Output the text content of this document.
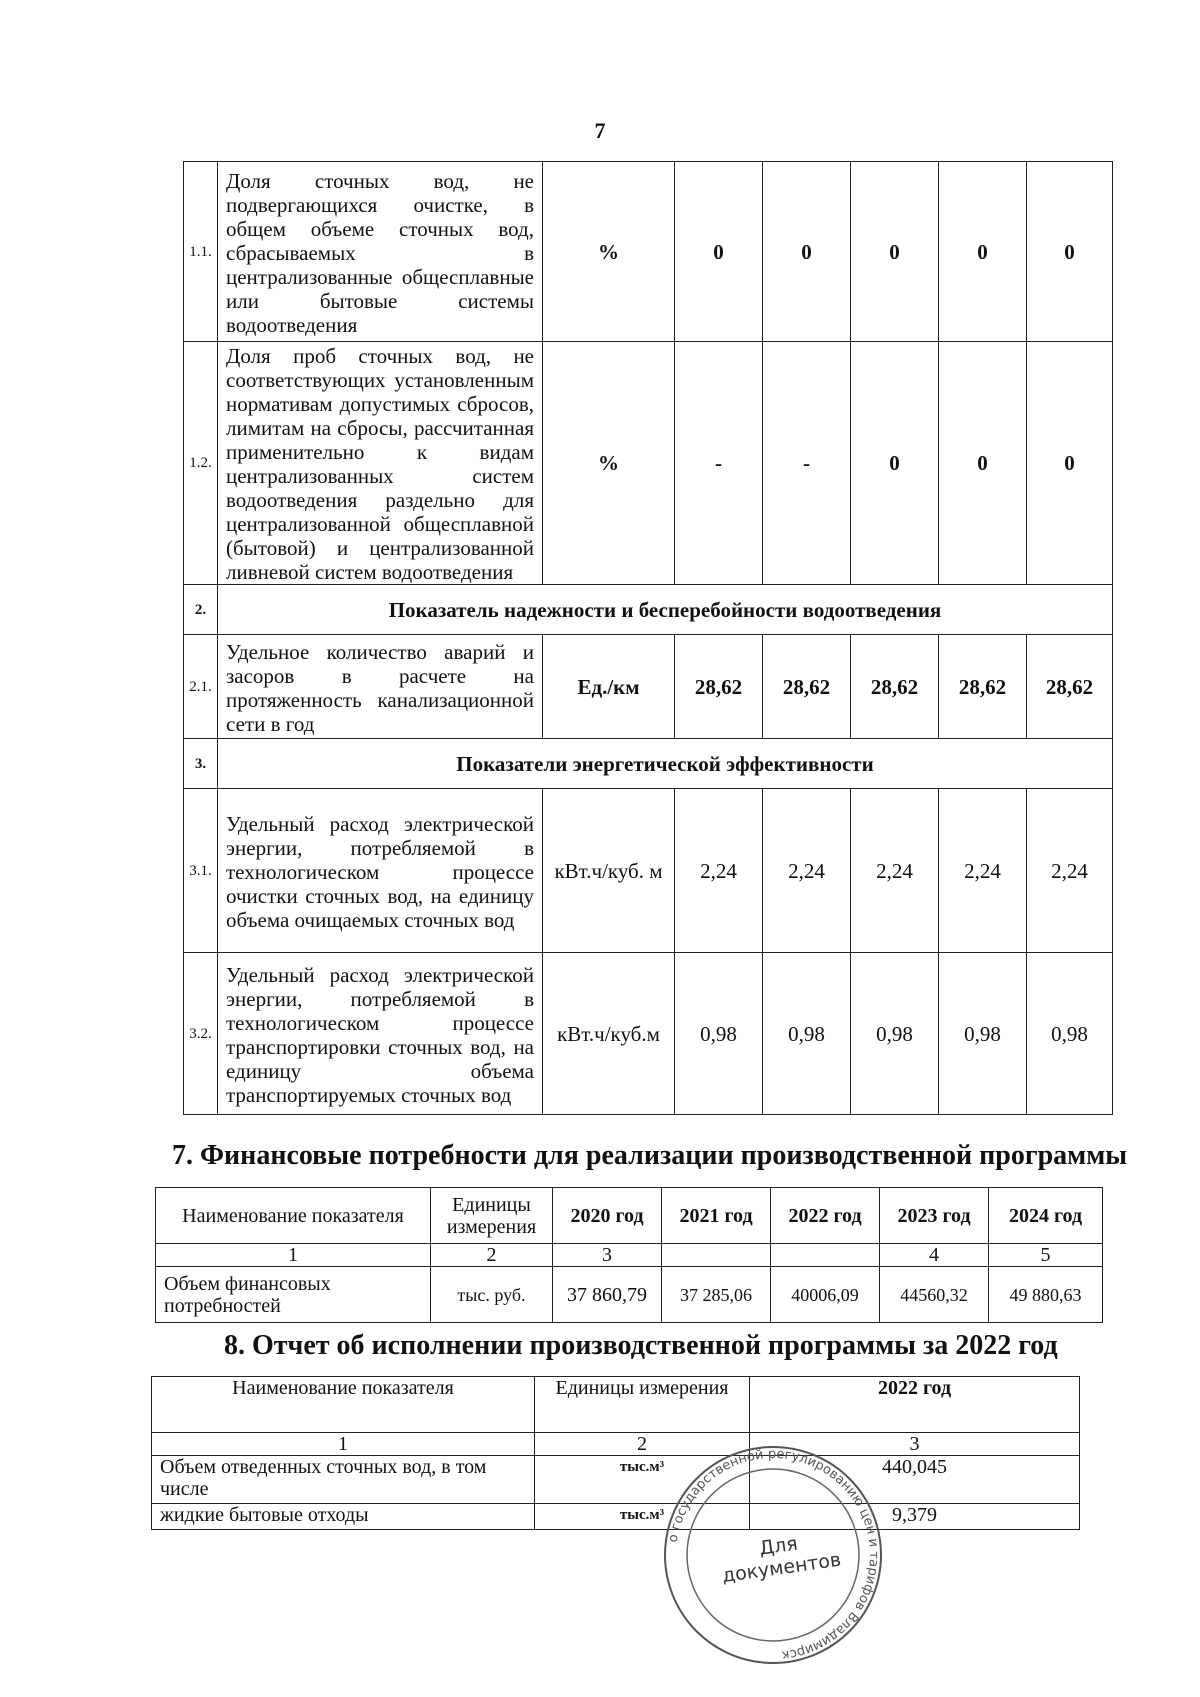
7
1.1.	Доля сточных вод, не подвергающихся очистке, в общем объеме сточных вод, сбрасываемых в централизованные общесплавные или бытовые системы водоотведения	%	0	0	0	0	0
1.2.	Доля проб сточных вод, не соответствующих установленным нормативам допустимых сбросов, лимитам на сбросы, рассчитанная применительно к видам централизованных систем водоотведения раздельно для централизованной общесплавной (бытовой) и централизованной ливневой систем водоотведения	%	-	-	0	0	0
2.	Показатель надежности и бесперебойности водоотведения						
2.1.	Удельное количество аварий и засоров в расчете на протяженность канализационной сети в год	Ед./км	28,62	28,62	28,62	28,62	28,62
3.	Показатели энергетической эффективности						
3.1.	Удельный расход электрической энергии, потребляемой в технологическом процессе очистки сточных вод, на единицу объема очищаемых сточных вод	кВт.ч/куб. м	2,24	2,24	2,24	2,24	2,24
3.2.	Удельный расход электрической энергии, потребляемой в технологическом процессе транспортировки сточных вод, на единицу объема транспортируемых сточных вод	кВт.ч/куб.м	0,98	0,98	0,98	0,98	0,98
7. Финансовые потребности для реализации производственной программы
Наименование показателя	Единицы измерения	2020 год	2021 год	2022 год	2023 год	2024 год
1	2	3			4	5
Объем финансовых потребностей	тыс. руб.	37 860,79	37 285,06	40006,09	44560,32	49 880,63
8. Отчет об исполнении производственной программы за 2022 год
Наименование показателя	Единицы измерения	2022 год
1	2	3
Объем отведенных сточных вод, в том числе	тыс.м³	440,045
жидкие бытовые отходы	тыс.м³	9,379
о государственной регулированию цен и тарифов Владимирск
Для документов
